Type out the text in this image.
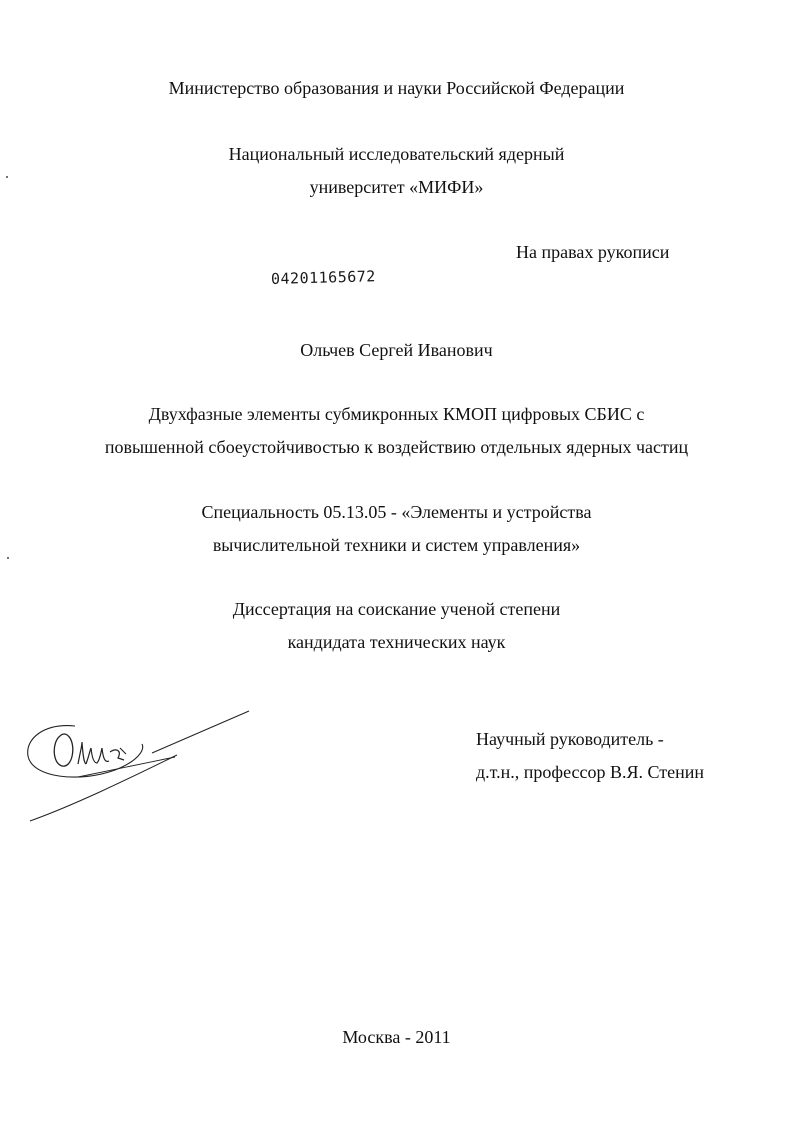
Министерство образования и науки Российской Федерации
Национальный исследовательский ядерный
университет «МИФИ»
На правах рукописи
04201165672
Ольчев Сергей Иванович
Двухфазные элементы субмикронных КМОП цифровых СБИС с
повышенной сбоеустойчивостью к воздействию отдельных ядерных частиц
Специальность 05.13.05 - «Элементы и устройства
вычислительной техники и систем управления»
Диссертация на соискание ученой степени
кандидата технических наук
Научный руководитель -
д.т.н., профессор В.Я. Стенин
Москва - 2011
